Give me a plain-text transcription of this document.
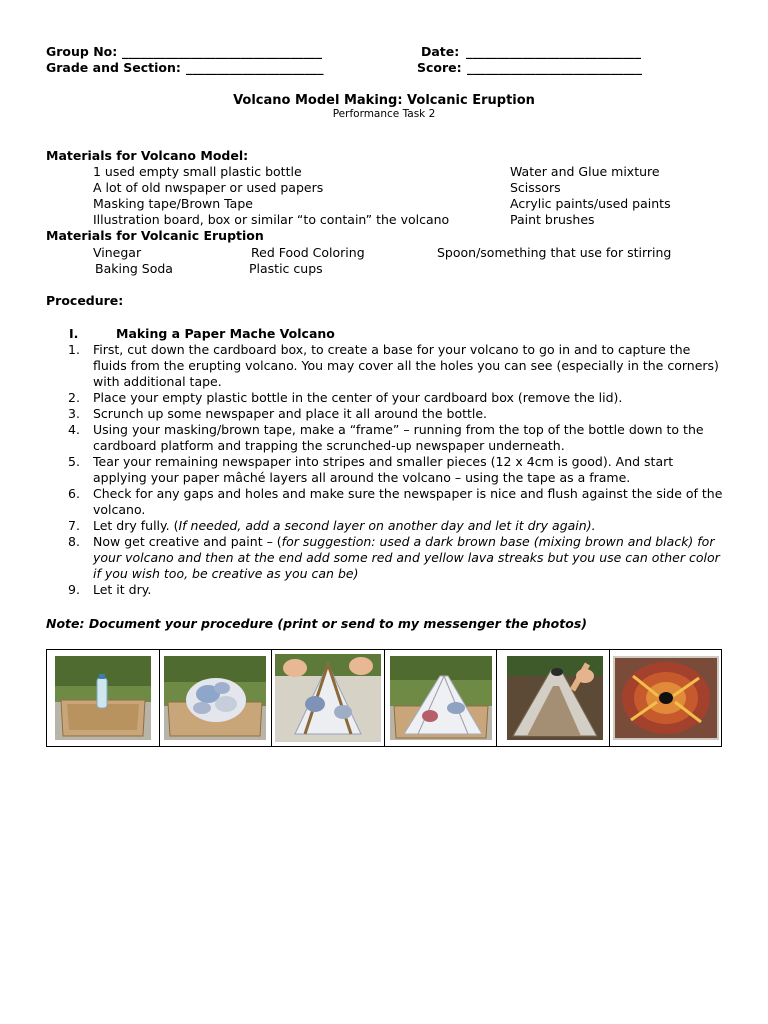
Group No: ________________________________	Date: ____________________________
Grade and Section: ______________________	Score: ____________________________
Volcano Model Making: Volcanic Eruption
Performance Task 2
Materials for Volcano Model:
1 used empty small plastic bottle
A lot of old nwspaper or used papers
Masking tape/Brown Tape
Illustration board, box or similar “to contain” the volcano
Water and Glue mixture
Scissors
Acrylic paints/used paints
Paint brushes
Materials for Volcanic Eruption
Vinegar	Red Food Coloring	Spoon/something that use for stirring
Baking Soda	Plastic cups
Procedure:
I.	Making a Paper Mache Volcano
1. First, cut down the cardboard box, to create a base for your volcano to go in and to capture the fluids from the erupting volcano. You may cover all the holes you can see (especially in the corners) with additional tape.
2. Place your empty plastic bottle in the center of your cardboard box (remove the lid).
3. Scrunch up some newspaper and place it all around the bottle.
4. Using your masking/brown tape, make a “frame” – running from the top of the bottle down to the cardboard platform and trapping the scrunched-up newspaper underneath.
5. Tear your remaining newspaper into stripes and smaller pieces (12 x 4cm is good). And start applying your paper mâché layers all around the volcano – using the tape as a frame.
6. Check for any gaps and holes and make sure the newspaper is nice and flush against the side of the volcano.
7. Let dry fully. (If needed, add a second layer on another day and let it dry again).
8. Now get creative and paint – (for suggestion: used a dark brown base (mixing brown and black) for your volcano and then at the end add some red and yellow lava streaks but you use can other color if you wish too, be creative as you can be)
9. Let it dry.
Note: Document your procedure (print or send to my messenger the photos)
